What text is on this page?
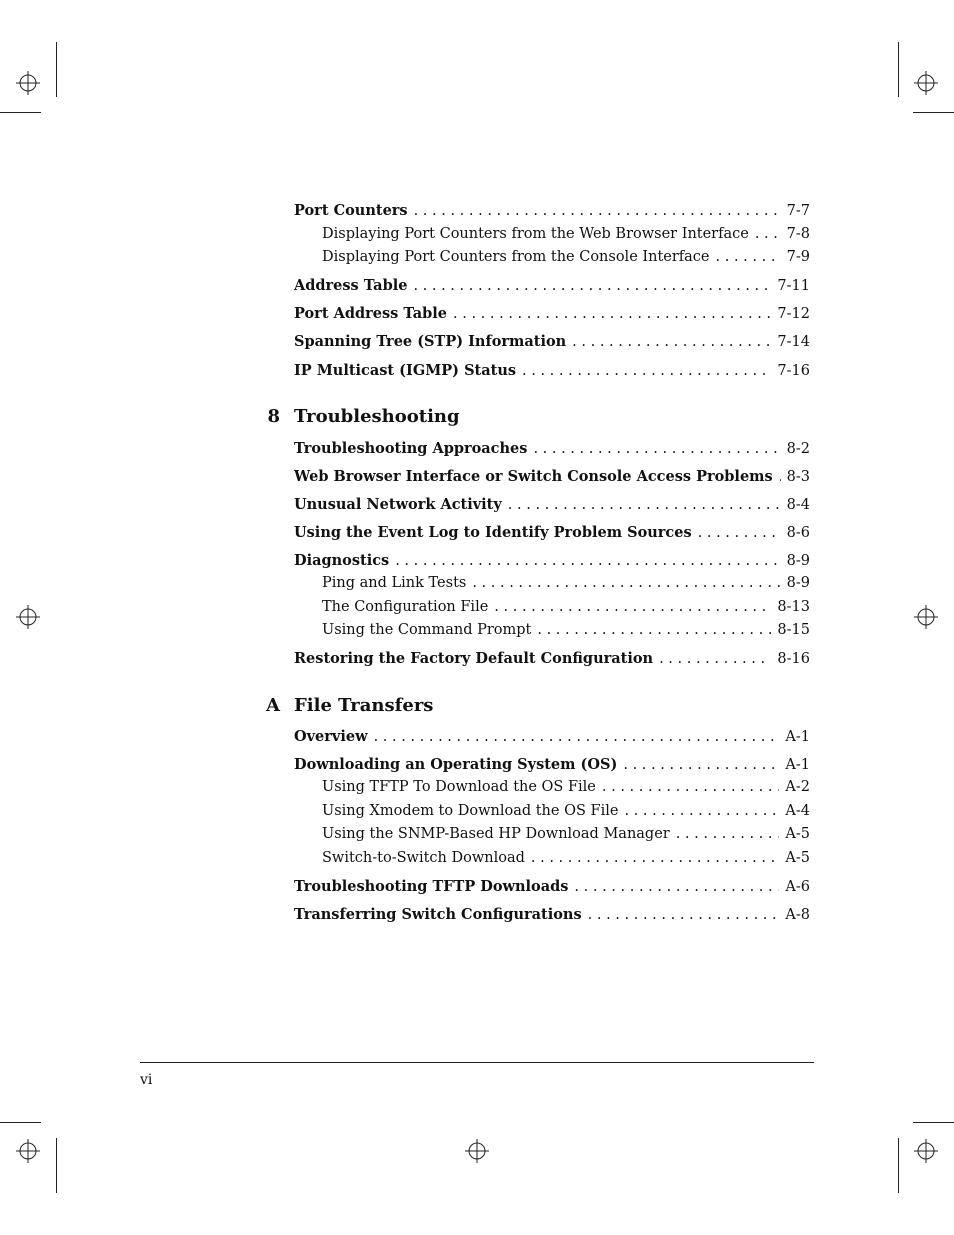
Port Counters . . .	7-7
Displaying Port Counters from the Web Browser Interface . . .	7-8
Displaying Port Counters from the Console Interface . . .	7-9
Address Table . . .	7-11
Port Address Table . . .	7-12
Spanning Tree (STP) Information . . .	7-14
IP Multicast (IGMP) Status . . .	7-16
8 Troubleshooting
Troubleshooting Approaches . . .	8-2
Web Browser Interface or Switch Console Access Problems . . . 8-3
Unusual Network Activity . . .	8-4
Using the Event Log to Identify Problem Sources . . .	8-6
Diagnostics . . .	8-9
Ping and Link Tests . . .	8-9
The Configuration File . . .	8-13
Using the Command Prompt . . .	8-15
Restoring the Factory Default Configuration . . .	8-16
A File Transfers
Overview . . .	A-1
Downloading an Operating System (OS) . . .	A-1
Using TFTP To Download the OS File . . .	A-2
Using Xmodem to Download the OS File . . .	A-4
Using the SNMP-Based HP Download Manager . . .	A-5
Switch-to-Switch Download . . .	A-5
Troubleshooting TFTP Downloads . . .	A-6
Transferring Switch Configurations . . .	A-8
vi
